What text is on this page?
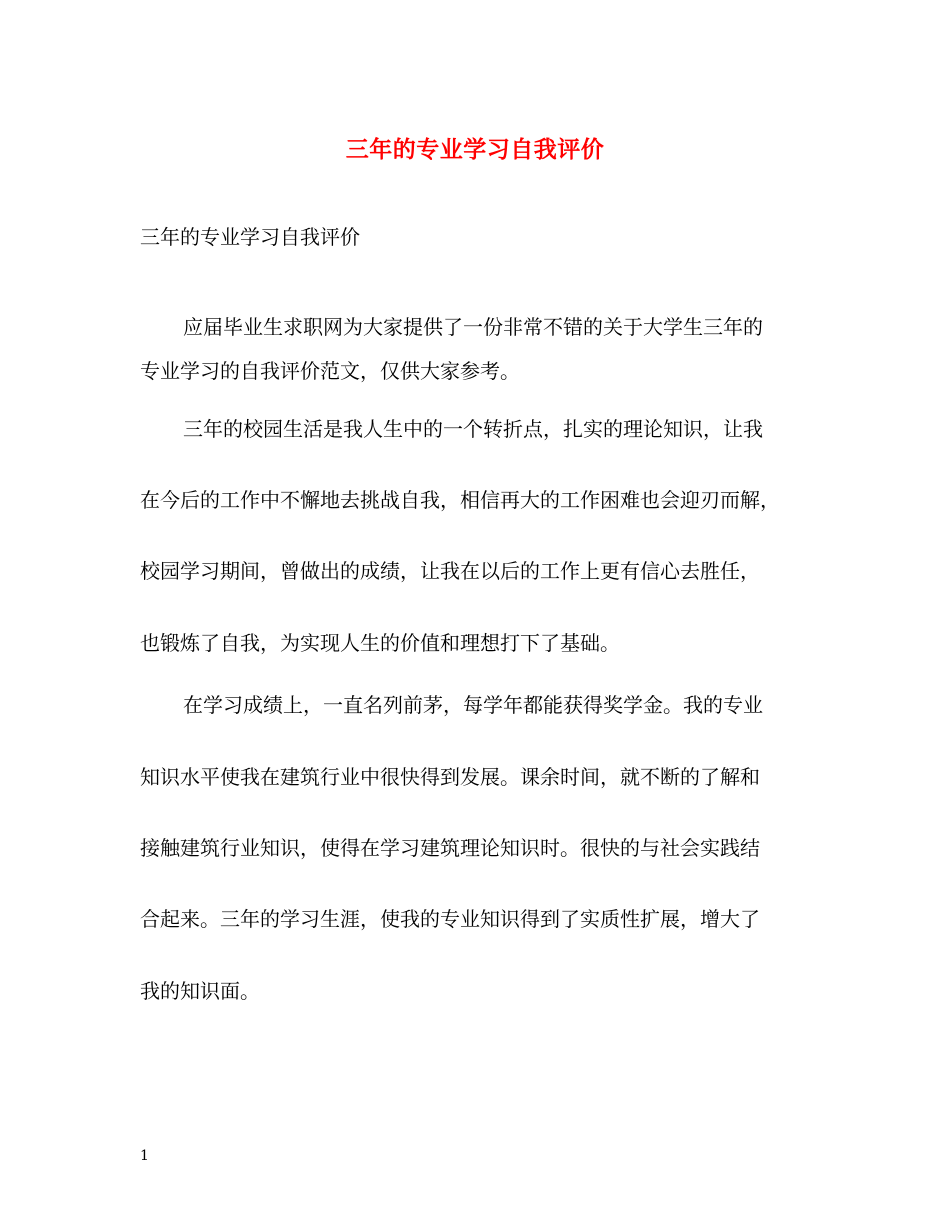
三年的专业学习自我评价
三年的专业学习自我评价
应届毕业生求职网为大家提供了一份非常不错的关于大学生三年的
专业学习的自我评价范文，仅供大家参考。
三年的校园生活是我人生中的一个转折点，扎实的理论知识，让我
在今后的工作中不懈地去挑战自我，相信再大的工作困难也会迎刃而解，
校园学习期间，曾做出的成绩，让我在以后的工作上更有信心去胜任，
也锻炼了自我，为实现人生的价值和理想打下了基础。
在学习成绩上，一直名列前茅，每学年都能获得奖学金。我的专业
知识水平使我在建筑行业中很快得到发展。课余时间，就不断的了解和
接触建筑行业知识，使得在学习建筑理论知识时。很快的与社会实践结
合起来。三年的学习生涯，使我的专业知识得到了实质性扩展，增大了
我的知识面。
1
